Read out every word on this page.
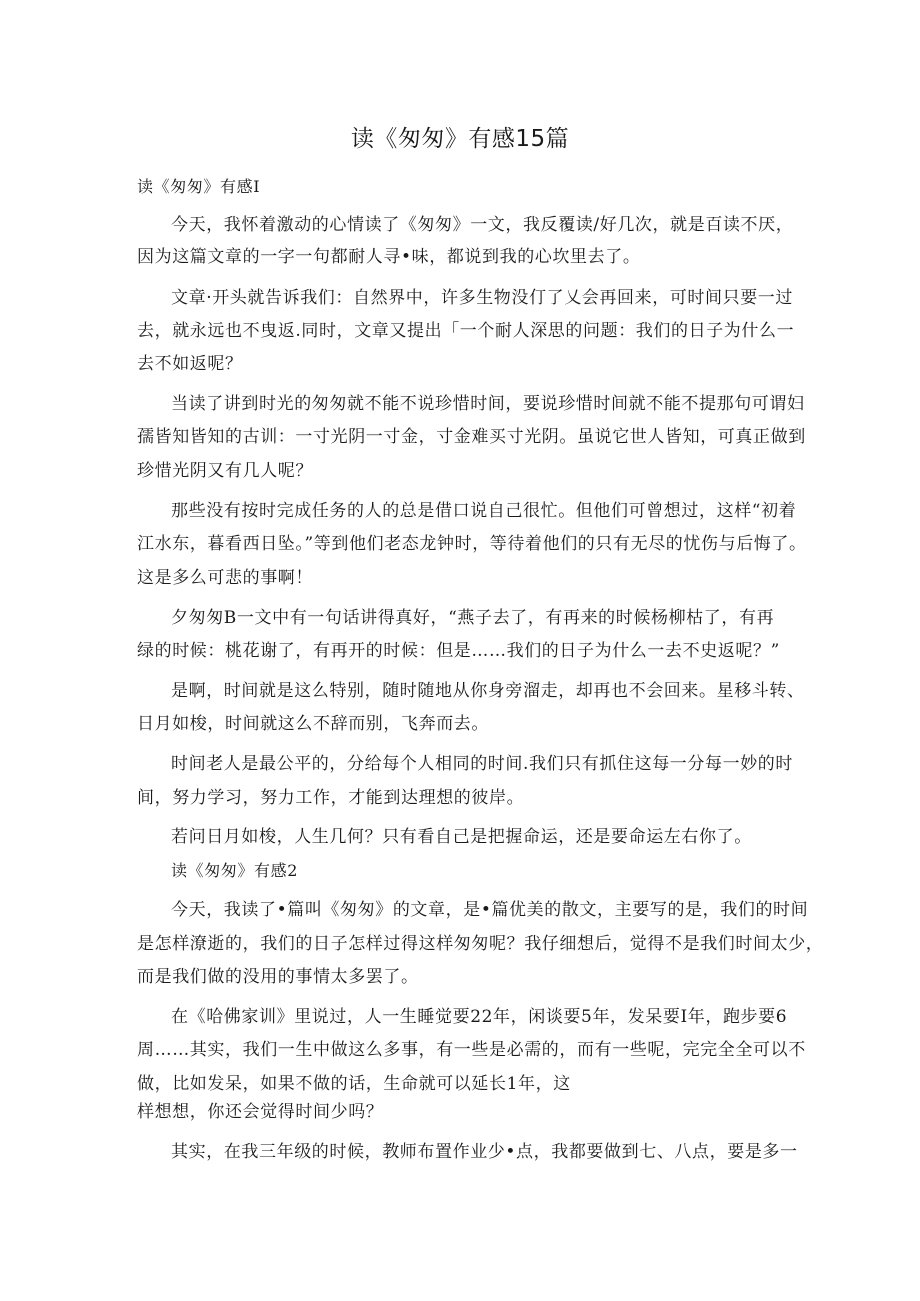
读《匆匆》有感15篇
读《匆匆》有感I
今天，我怀着激动的心情读了《匆匆》一文，我反覆读/好几次，就是百读不厌，
因为这篇文章的一字一句都耐人寻•味，都说到我的心坎里去了。
文章·开头就告诉我们：自然界中，许多生物没仃了乂会再回来，可时间只要一过
去，就永远也不曳返.同时，文章又提出「一个耐人深思的问题：我们的日子为什么一
去不如返呢？
当读了讲到时光的匆匆就不能不说珍惜时间，要说珍惜时间就不能不提那句可谓妇
孺皆知皆知的古训：一寸光阴一寸金，寸金难买寸光阴。虽说它世人皆知，可真正做到
珍惜光阴又有几人呢？
那些没有按时完成任务的人的总是借口说自己很忙。但他们可曾想过，这样“初着
江水东，暮看西日坠。”等到他们老态龙钟时，等待着他们的只有无尽的忧伤与后悔了。
这是多么可悲的事啊！
夕匆匆B一文中有一句话讲得真好，“燕子去了，有再来的时候杨柳枯了，有再
绿的时候：桃花谢了，有再开的时候：但是……我们的日子为什么一去不史返呢？”
是啊，时间就是这么特别，随时随地从你身旁溜走，却再也不会回来。星移斗转、
日月如梭，时间就这么不辞而别，飞奔而去。
时间老人是最公平的，分给每个人相同的时间.我们只有抓住这每一分每一妙的时
间，努力学习，努力工作，才能到达理想的彼岸。
若问日月如梭，人生几何？只有看自己是把握命运，还是要命运左右你了。
读《匆匆》有感2
今天，我读了•篇叫《匆匆》的文章，是•篇优美的散文，主要写的是，我们的时间
是怎样潦逝的，我们的日子怎样过得这样匆匆呢？我仔细想后，觉得不是我们时间太少，
而是我们做的没用的事情太多罢了。
在《哈佛家训》里说过，人一生睡觉要22年，闲谈要5年，发呆要I年，跑步要6
周……其实，我们一生中做这么多事，有一些是必需的，而有一些呢，完完全全可以不
做，比如发呆，如果不做的话，生命就可以延长1年，这
样想想，你还会觉得时间少吗？
其实，在我三年级的时候，教师布置作业少•点，我都要做到七、八点，要是多一
